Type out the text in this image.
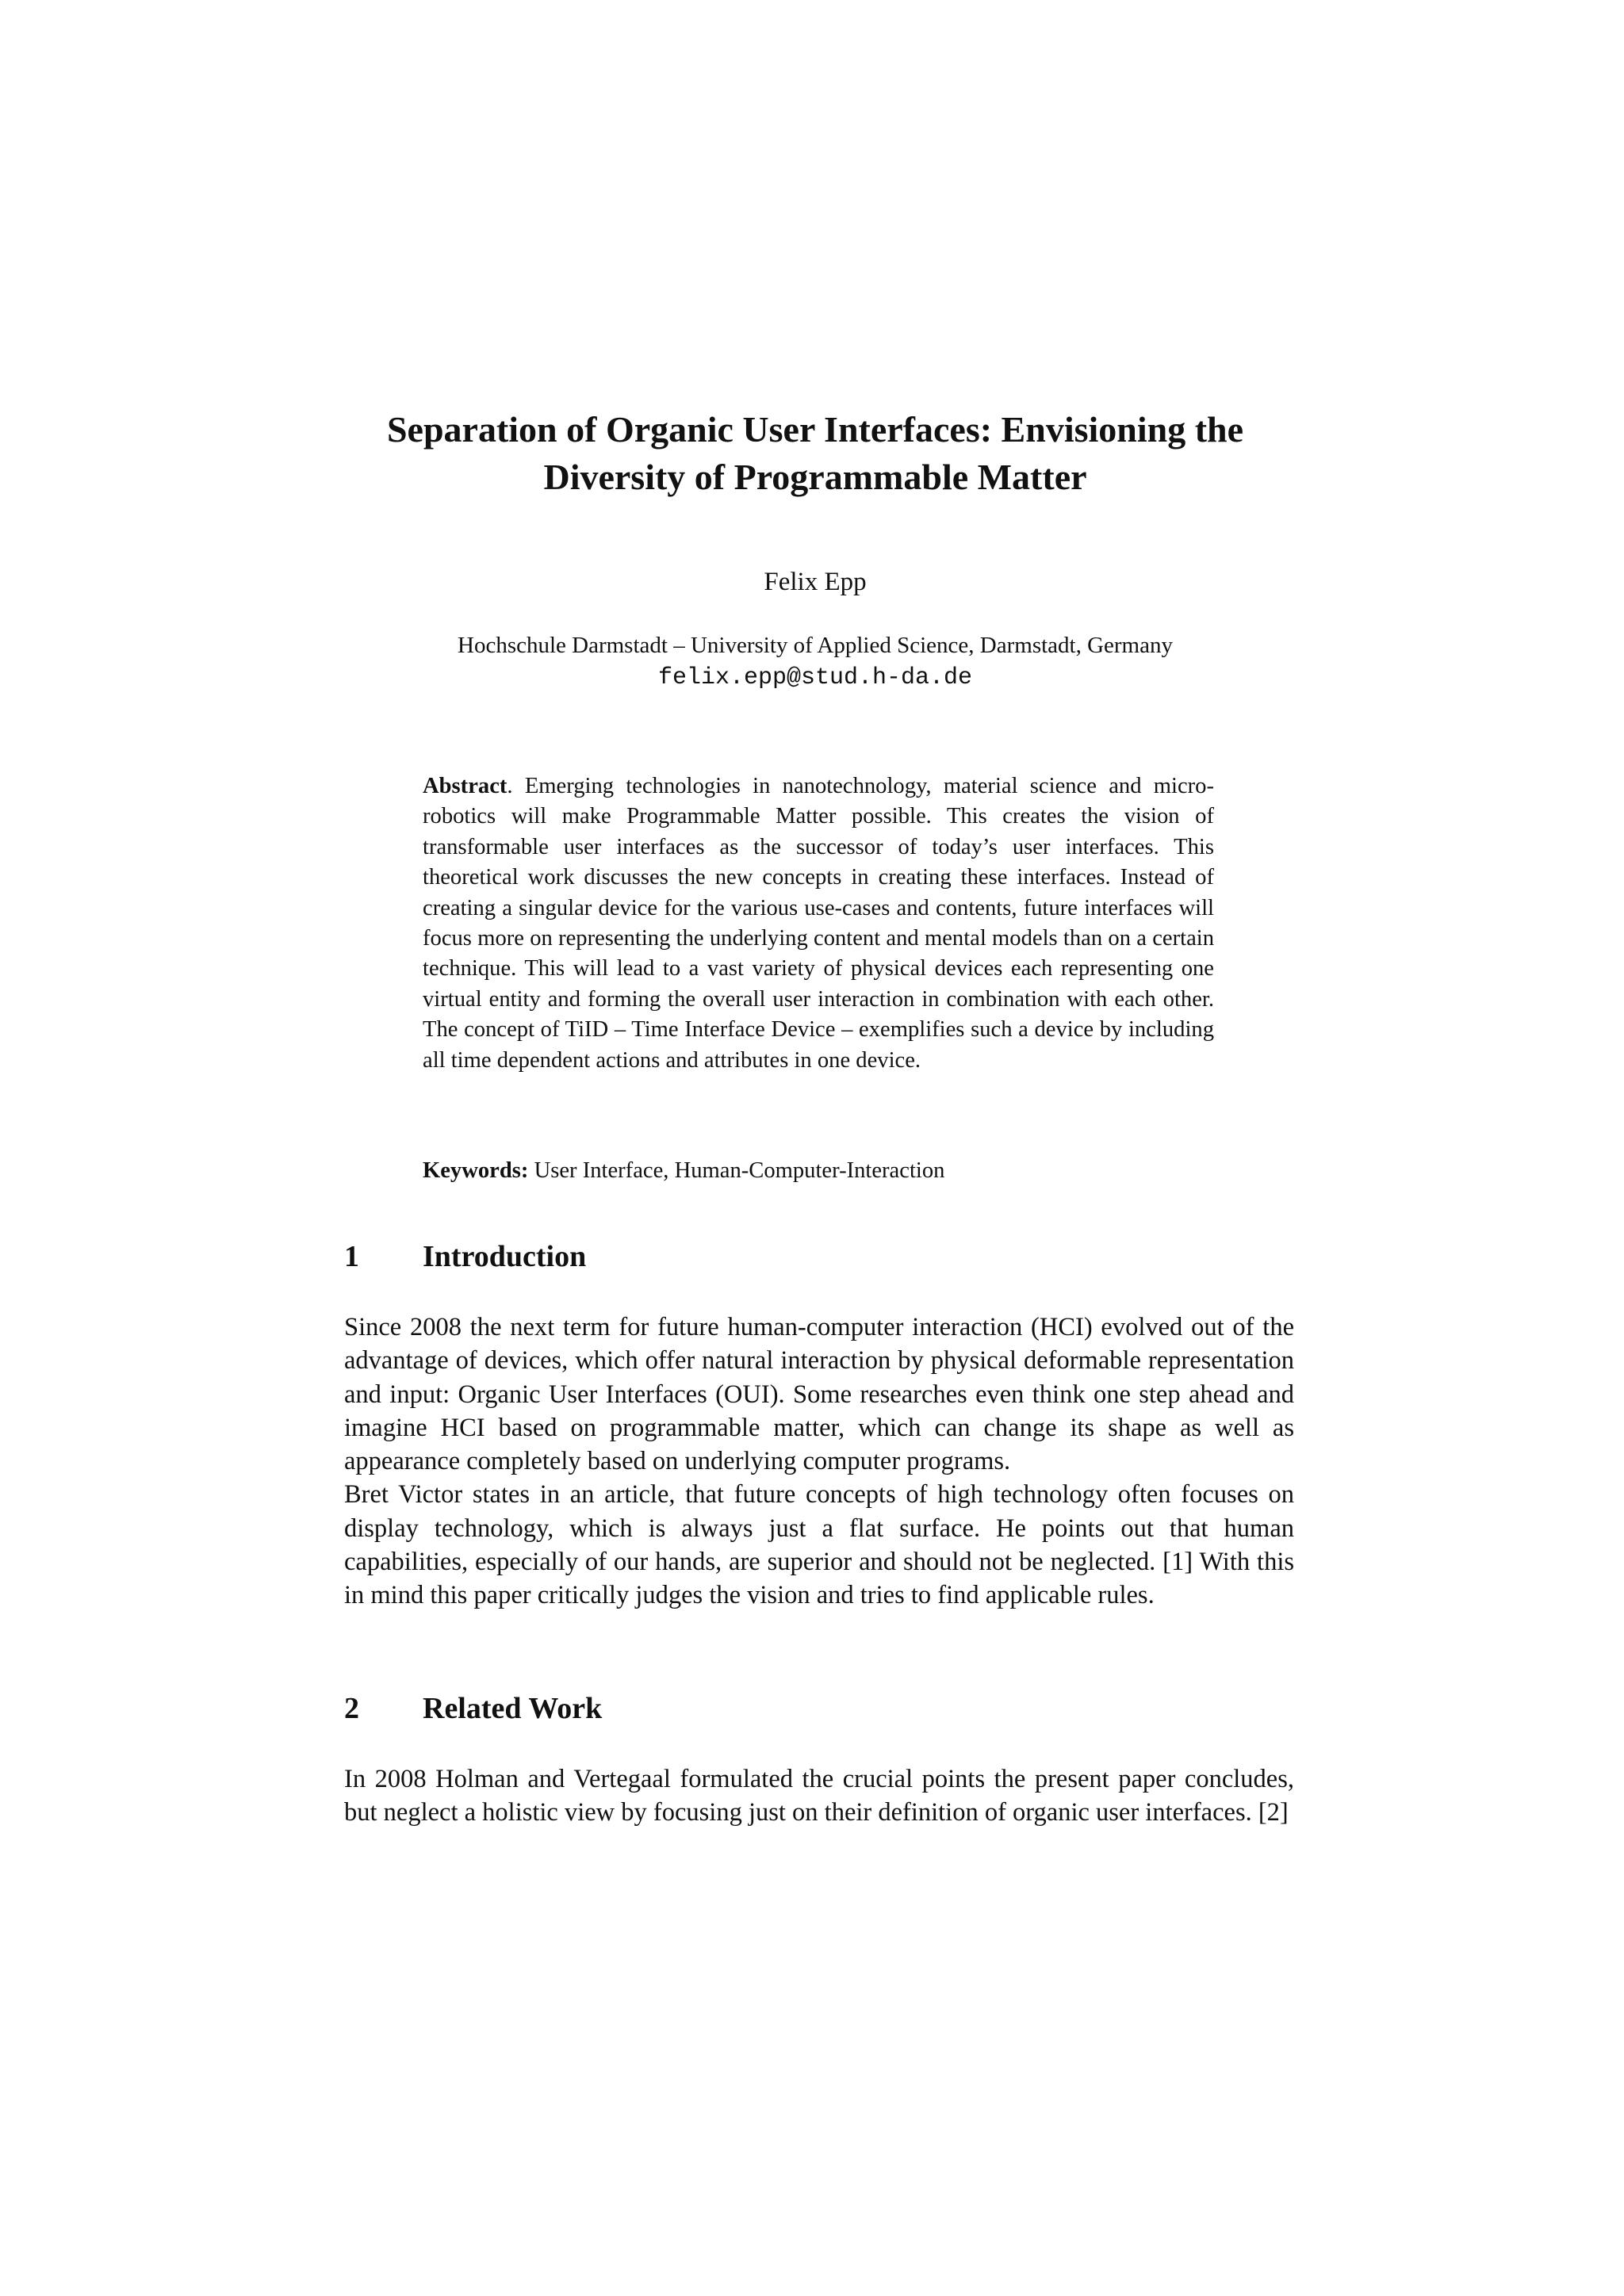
Separation of Organic User Interfaces: Envisioning the
Diversity of Programmable Matter
Felix Epp
Hochschule Darmstadt – University of Applied Science, Darmstadt, Germany
felix.epp@stud.h-da.de
Abstract. Emerging technologies in nanotechnology, material science and micro-robotics will make Programmable Matter possible. This creates the vision of transformable user interfaces as the successor of today’s user interfaces. This theoretical work discusses the new concepts in creating these interfaces. Instead of creating a singular device for the various use-cases and contents, future interfaces will focus more on representing the underlying content and mental models than on a certain technique. This will lead to a vast variety of physical devices each representing one virtual entity and forming the overall user interaction in combination with each other. The concept of TiID – Time Interface Device – exemplifies such a device by including all time dependent actions and attributes in one device.
Keywords: User Interface, Human-Computer-Interaction
1 Introduction

Since 2008 the next term for future human-computer interaction (HCI) evolved out of the advantage of devices, which offer natural interaction by physical deformable representation and input: Organic User Interfaces (OUI). Some researches even think one step ahead and imagine HCI based on programmable matter, which can change its shape as well as appearance completely based on underlying computer programs.

Bret Victor states in an article, that future concepts of high technology often focuses on display technology, which is always just a flat surface. He points out that human capabilities, especially of our hands, are superior and should not be neglected. [1] With this in mind this paper critically judges the vision and tries to find applicable rules.

2 Related Work

In 2008 Holman and Vertegaal formulated the crucial points the present paper concludes, but neglect a holistic view by focusing just on their definition of organic user interfaces. [2]
